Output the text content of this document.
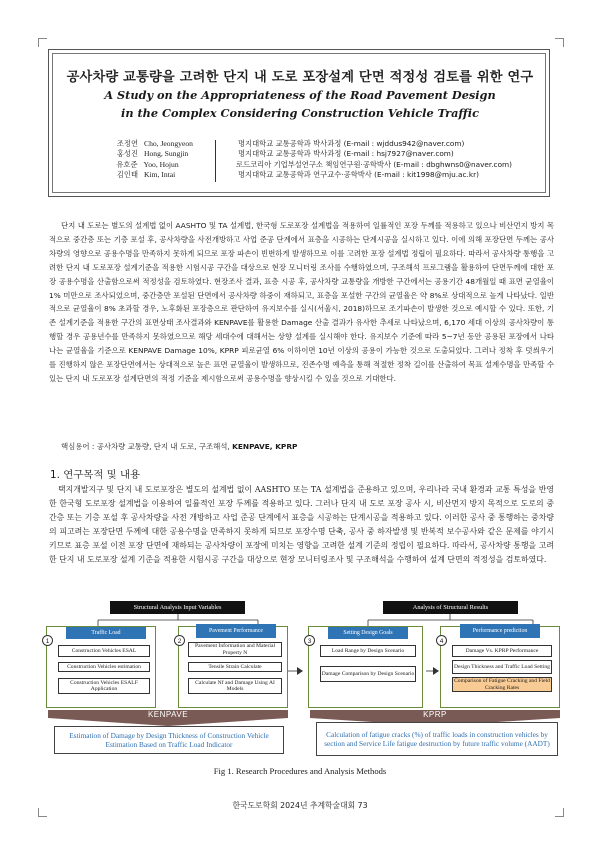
공사차량 교통량을 고려한 단지 내 도로 포장설계 단면 적정성 검토를 위한 연구
A Study on the Appropriateness of the Road Pavement Design
in the Complex Considering Construction Vehicle Traffic
조정연 Cho, Jeongyeon	명지대학교 교통공학과 박사과정 (E-mail : wjddus942@naver.com)
홍성진 Hong, Sungjin	명지대학교 교통공학과 박사과정 (E-mail : hsj7927@naver.com)
유호준 Yoo, Hojun	로드코리아 기업부설연구소 책임연구원·공학박사 (E-mail : dbghwns0@naver.com)
김인태 Kim, Intai	명지대학교 교통공학과 연구교수·공학박사 (E-mail : kit1998@mju.ac.kr)

단지 내 도로는 별도의 설계법 없이 AASHTO 및 TA 설계법, 한국형 도로포장 설계법을 적용하여 일률적인 포장 두께를 적용하고 있으나 비산먼지 방지 목적으로 중간층 또는 기층 포설 후, 공사차량을 사전개방하고 사업 준공 단계에서 표층을 시공하는 단계시공을 실시하고 있다. 이에 의해 포장단면 두께는 공사차량의 영향으로 공용수명을 만족하지 못하게 되므로 포장 파손이 빈번하게 발생하므로 이를 고려한 포장 설계법 정립이 필요하다. 따라서 공사차량 통행을 고려한 단지 내 도로포장 설계기준을 적용한 시험시공 구간을 대상으로 현장 모니터링 조사를 수행하였으며, 구조해석 프로그램을 활용하여 단면두께에 대한 포장 공용수명을 산출함으로써 적정성을 검토하였다. 현장조사 결과, 표층 시공 후, 공사차량 교통량을 개방한 구간에서는 공용기간 48개월일 때 표면 균열율이 1% 미만으로 조사되었으며, 중간층만 포설된 단면에서 공사차량 하중이 재하되고, 표층을 포설한 구간의 균열율은 약 8%로 상대적으로 높게 나타났다. 일반적으로 균열율이 8% 초과할 경우, 노후화된 포장층으로 판단하여 유지보수를 실시(서울시, 2018)하므로 조기파손이 발생한 것으로 예시할 수 있다. 또한, 기존 설계기준을 적용한 구간의 표면상태 조사결과와 KENPAVE를 활용한 Damage 산출 결과가 유사한 추세로 나타났으며, 6,170 세대 이상의 공사차량이 통행할 경우 공용년수를 만족하지 못하였으므로 해당 세대수에 대해서는 상향 설계를 실시해야 한다. 유지보수 기준에 따라 5~7년 동안 공용된 포장에서 나타나는 균열율을 기준으로 KENPAVE Damage 10%, KPRP 피로균열 6% 이하이면 10년 이상의 공용이 가능한 것으로 도출되었다. 그러나 정착 후 덧씌우기를 진행하지 않은 포장단면에서는 상대적으로 높은 표면 균열율이 발생하므로, 진존수명 예측을 통해 적절한 정착 길이를 산출하여 목표 설계수명을 만족할 수 있는 단지 내 도로포장 설계단면의 적정 기준을 제시함으로써 공용수명을 향상시킬 수 있을 것으로 기대한다.

핵심용어 : 공사차량 교통량, 단지 내 도로, 구조해석, KENPAVE, KPRP
1. 연구목적 및 내용

택지개발지구 및 단지 내 도로포장은 별도의 설계법 없이 AASHTO 또는 TA 설계법을 준용하고 있으며, 우리나라 국내 환경과 교통 특성을 반영한 한국형 도로포장 설계법을 이용하여 일률적인 포장 두께를 적용하고 있다. 그러나 단지 내 도로 포장 공사 시, 비산먼지 방지 목적으로 도로의 중간층 또는 기층 포설 후 공사차량을 사전 개방하고 사업 준공 단계에서 표층을 시공하는 단계시공을 적용하고 있다. 이러한 공사 중 통행하는 중차량의 피고려는 포장단면 두께에 대한 공용수명을 만족하지 못하게 되므로 포장수명 단축, 공사 중 하자발생 및 반복적 보수공사와 같은 문제를 야기시키므로 표층 포설 이전 포장 단면에 재하되는 공사차량이 포장에 미치는 영향을 고려한 설계 기준의 정립이 필요하다. 따라서, 공사차량 통행을 고려한 단지 내 도로포장 설계 기준을 적용한 시험시공 구간을 대상으로 현장 모니터링조사 및 구조해석을 수행하여 설계 단면의 적정성을 검토하였다.

Structural Analysis Input Variables	Analysis of Structural Results
1
Traffic Load
Construction Vehicles ESAL
Construction Vehicles estimation
Construction Vehicles ESALF Application
2
Pavement Performance
Pavement Information and Material Property N
Tensile Strain Calculate
Calculate Nf and Damage Using AI Models
3
Setting Design Goals
Load Range by Design Scenario
Damage Comparison by Design Scenario
4
Performance prediction
Damage Vs. KPRP Performance
Design Thickness and Traffic Load Setting
Comparison of Fatigue Cracking and Field Cracking Rates
KENPAVE	KPRP
Estimation of Damage by Design Thickness of Construction Vehicle Estimation Based on Traffic Load Indicator
Calculation of fatigue cracks (%) of traffic loads in construction vehicles by section and Service Life fatigue destruction by future traffic volume (AADT)
Fig 1. Research Procedures and Analysis Methods
한국도로학회 2024년 추계학술대회 73
